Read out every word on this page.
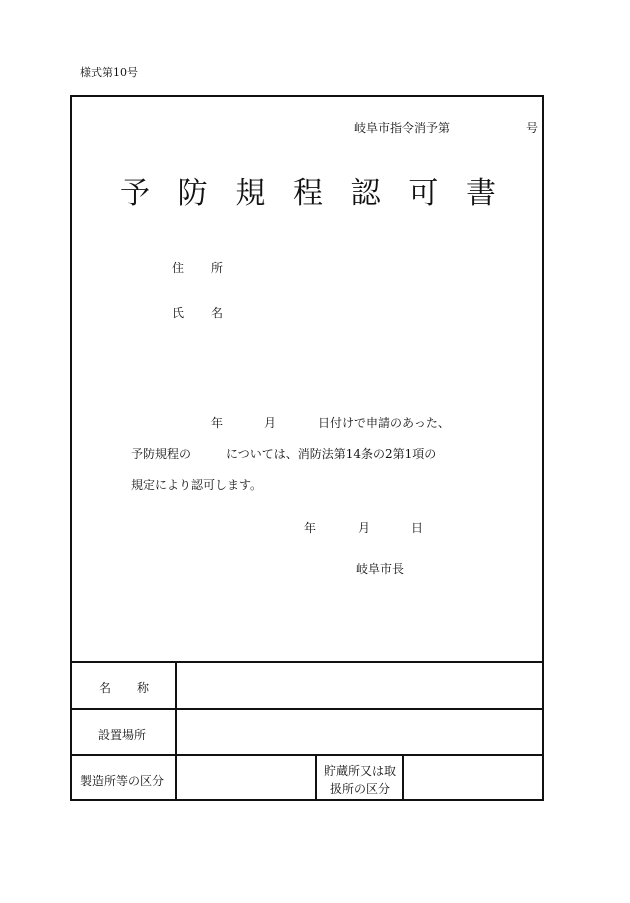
様式第10号
岐阜市指令消予第	号
予防規程認可書
住 所
氏 名
年	月	日付けで申請のあった、
予防規程の	については、消防法第14条の2第1項の
規定により認可します。
年	月	日
岐阜市長
名 称
設置場所
製造所等の区分
貯蔵所又は取扱所の区分
